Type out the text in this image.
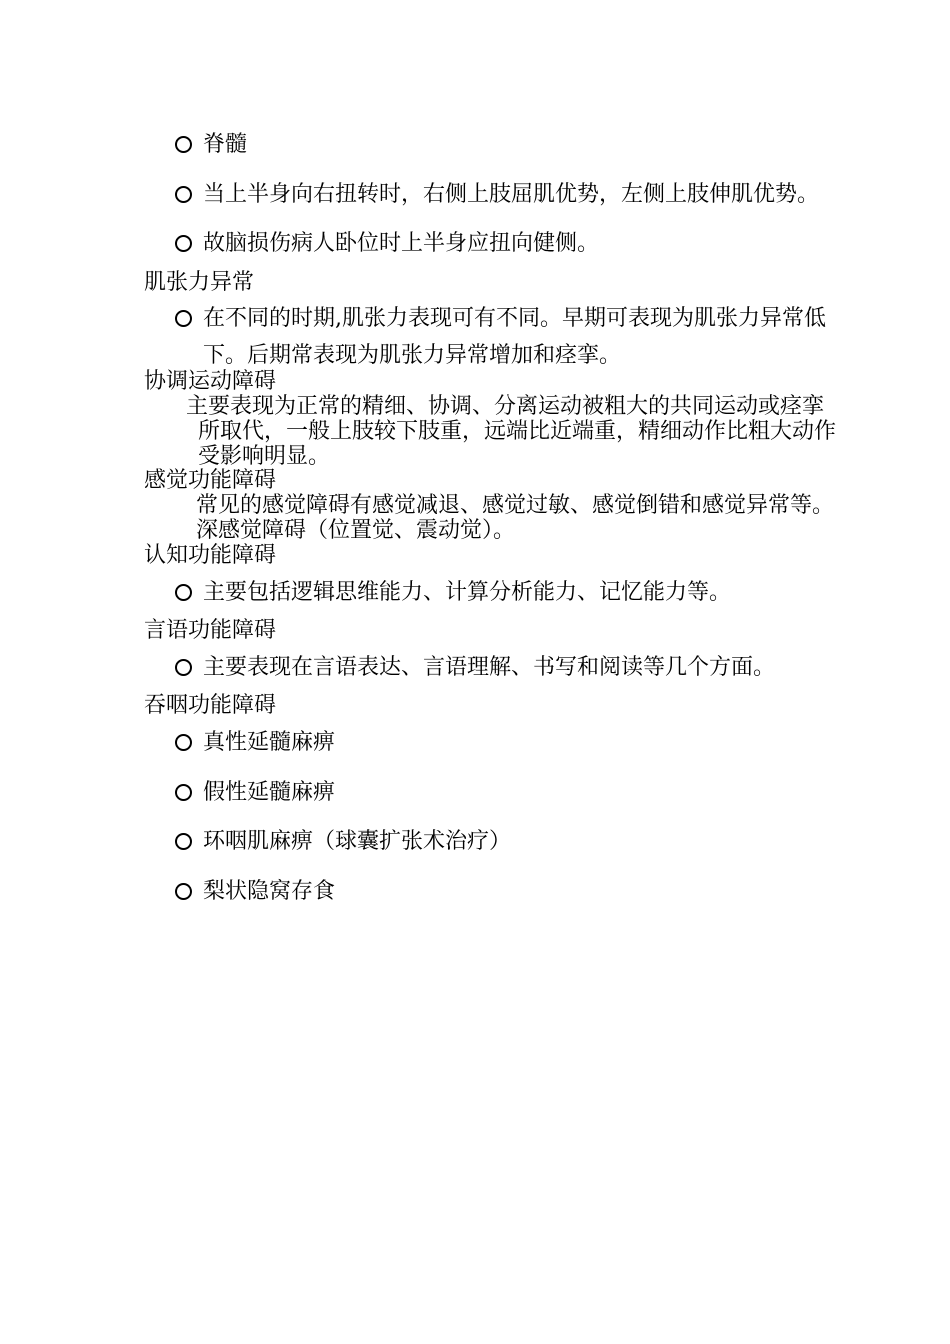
脊髓
当上半身向右扭转时，右侧上肢屈肌优势，左侧上肢伸肌优势。
故脑损伤病人卧位时上半身应扭向健侧。
肌张力异常
在不同的时期,肌张力表现可有不同。早期可表现为肌张力异常低
下。后期常表现为肌张力异常增加和痉挛。
协调运动障碍
主要表现为正常的精细、协调、分离运动被粗大的共同运动或痉挛
所取代，一般上肢较下肢重，远端比近端重，精细动作比粗大动作
受影响明显。
感觉功能障碍
常见的感觉障碍有感觉减退、感觉过敏、感觉倒错和感觉异常等。
深感觉障碍（位置觉、震动觉）。
认知功能障碍
主要包括逻辑思维能力、计算分析能力、记忆能力等。
言语功能障碍
主要表现在言语表达、言语理解、书写和阅读等几个方面。
吞咽功能障碍
真性延髓麻痹
假性延髓麻痹
环咽肌麻痹（球囊扩张术治疗）
梨状隐窝存食
